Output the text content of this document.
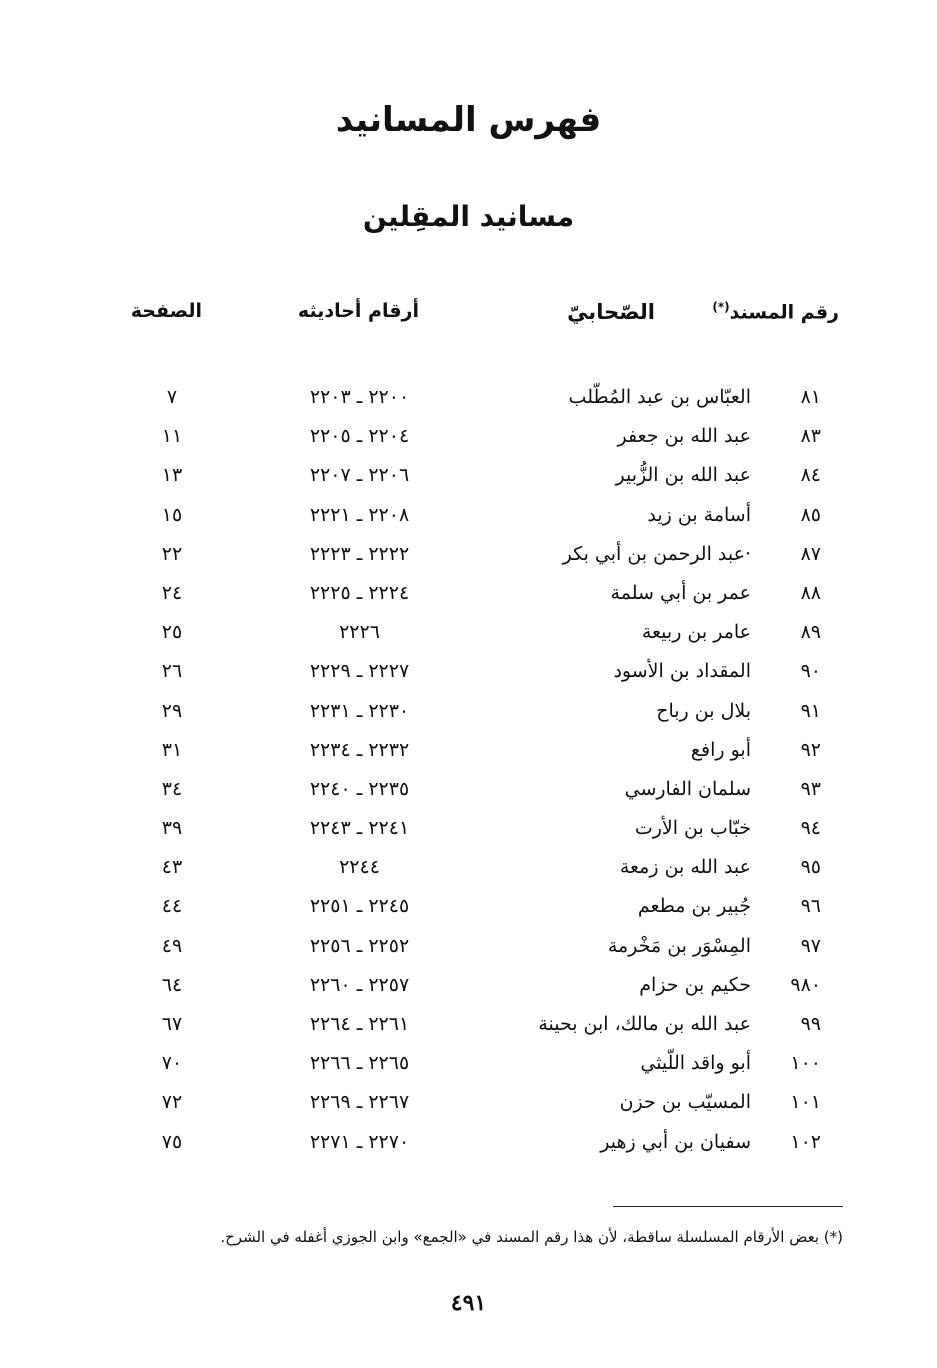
فهرس المسانيد
مسانيد المقِلين
رقم المسند(*)
الصّحابيّ
أرقام أحاديثه
الصفحة
٨١
العبّاس بن عبد المُطّلب
٢٢٠٠ ـ ٢٢٠٣
٧
٨٣
عبد الله بن جعفر
٢٢٠٤ ـ ٢٢٠٥
١١
٨٤
عبد الله بن الزُّبير
٢٢٠٦ ـ ٢٢٠٧
١٣
٨٥
أسامة بن زيد
٢٢٠٨ ـ ٢٢٢١
١٥
٨٧
·عبد الرحمن بن أبي بكر
٢٢٢٢ ـ ٢٢٢٣
٢٢
٨٨
عمر بن أبي سلمة
٢٢٢٤ ـ ٢٢٢٥
٢٤
٨٩
عامر بن ربيعة
٢٢٢٦
٢٥
٩٠
المقداد بن الأسود
٢٢٢٧ ـ ٢٢٢٩
٢٦
٩١
بلال بن رباح
٢٢٣٠ ـ ٢٢٣١
٢٩
٩٢
أبو رافع
٢٢٣٢ ـ ٢٢٣٤
٣١
٩٣
سلمان الفارسي
٢٢٣٥ ـ ٢٢٤٠
٣٤
٩٤
خبّاب بن الأرت
٢٢٤١ ـ ٢٢٤٣
٣٩
٩٥
عبد الله بن زمعة
٢٢٤٤
٤٣
٩٦
جُبير بن مطعم
٢٢٤٥ ـ ٢٢٥١
٤٤
٩٧
المِسْوَر بن مَخْرمة
٢٢٥٢ ـ ٢٢٥٦
٤٩
٩٨٠
حكيم بن حزام
٢٢٥٧ ـ ٢٢٦٠
٦٤
٩٩
عبد الله بن مالك، ابن بحينة
٢٢٦١ ـ ٢٢٦٤
٦٧
١٠٠
أبو واقد اللّيثي
٢٢٦٥ ـ ٢٢٦٦
٧٠
١٠١
المسيّب بن حزن
٢٢٦٧ ـ ٢٢٦٩
٧٢
١٠٢
سفيان بن أبي زهير
٢٢٧٠ ـ ٢٢٧١
٧٥
(*) بعض الأرقام المسلسلة ساقطة، لأن هذا رقم المسند في «الجمع» وابن الجوزي أغفله في الشرح.
٤٩١
